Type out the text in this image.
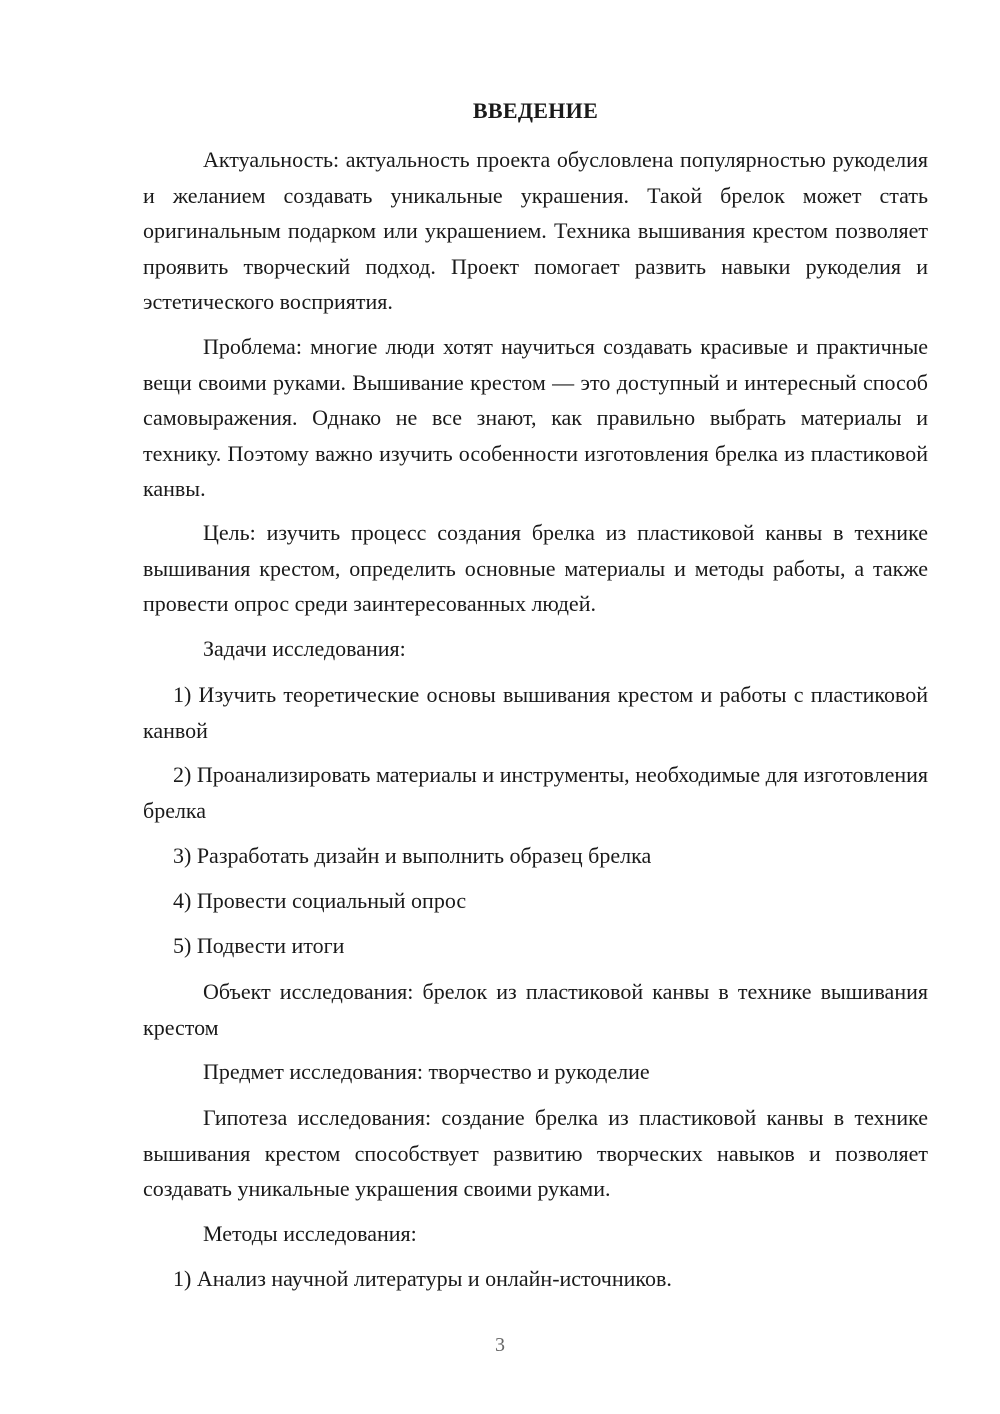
ВВЕДЕНИЕ

Актуальность: актуальность проекта обусловлена популярностью рукоделия и желанием создавать уникальные украшения. Такой брелок может стать оригинальным подарком или украшением. Техника вышивания крестом позволяет проявить творческий подход. Проект помогает развить навыки рукоделия и эстетического восприятия.

Проблема: многие люди хотят научиться создавать красивые и практичные вещи своими руками. Вышивание крестом — это доступный и интересный способ самовыражения. Однако не все знают, как правильно выбрать материалы и технику. Поэтому важно изучить особенности изготовления брелка из пластиковой канвы.

Цель: изучить процесс создания брелка из пластиковой канвы в технике вышивания крестом, определить основные материалы и методы работы, а также провести опрос среди заинтересованных людей.

Задачи исследования:

1) Изучить теоретические основы вышивания крестом и работы с пластиковой канвой

2) Проанализировать материалы и инструменты, необходимые для изготовления брелка

3) Разработать дизайн и выполнить образец брелка

4) Провести социальный опрос

5) Подвести итоги

Объект исследования: брелок из пластиковой канвы в технике вышивания крестом

Предмет исследования: творчество и рукоделие

Гипотеза исследования: создание брелка из пластиковой канвы в технике вышивания крестом способствует развитию творческих навыков и позволяет создавать уникальные украшения своими руками.

Методы исследования:

1) Анализ научной литературы и онлайн-источников.

3
